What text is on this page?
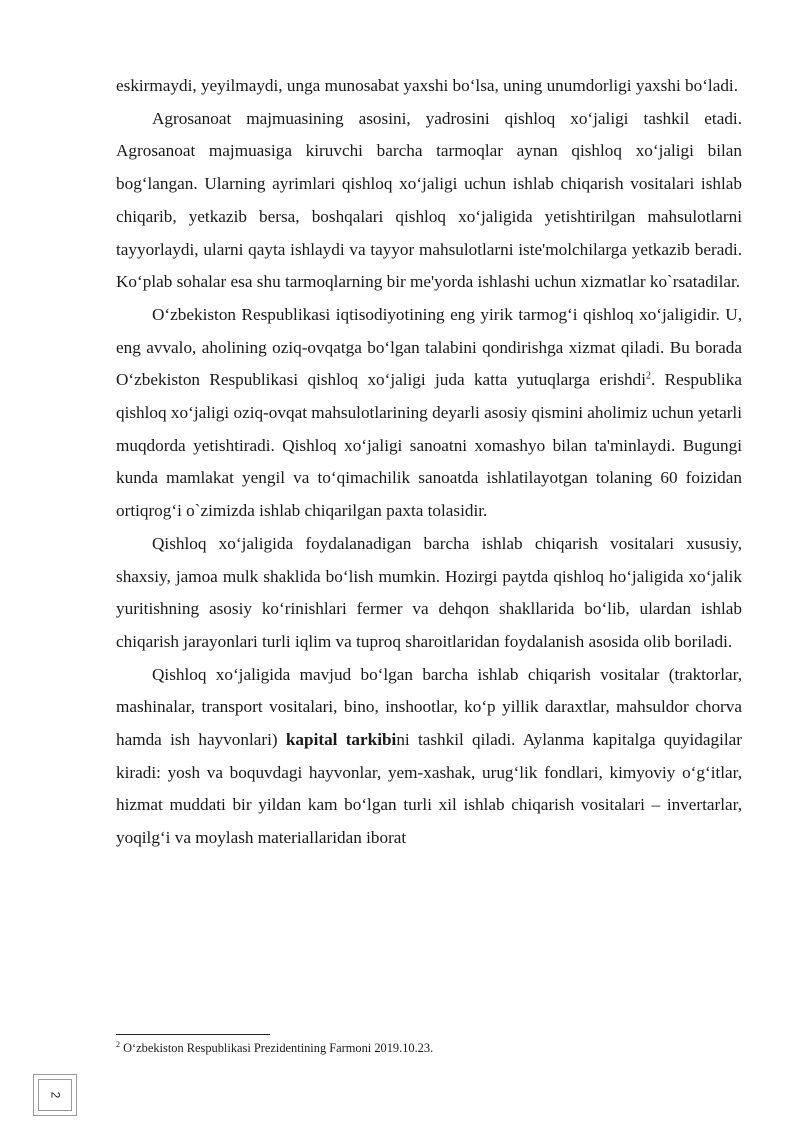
eskirmaydi, yeyilmaydi, unga munosabat yaxshi bo‘lsa, uning unumdorligi yaxshi bo‘ladi.

Agrosanoat majmuasining asosini, yadrosini qishloq xo‘jaligi tashkil etadi. Agrosanoat majmuasiga kiruvchi barcha tarmoqlar aynan qishloq xo‘jaligi bilan bog‘langan. Ularning ayrimlari qishloq xo‘jaligi uchun ishlab chiqarish vositalari ishlab chiqarib, yetkazib bersa, boshqalari qishloq xo‘jaligida yetishtirilgan mahsulotlarni tayyorlaydi, ularni qayta ishlaydi va tayyor mahsulotlarni iste'molchilarga yetkazib beradi. Ko‘plab sohalar esa shu tarmoqlarning bir me'yorda ishlashi uchun xizmatlar ko`rsatadilar.

O‘zbekiston Respublikasi iqtisodiyotining eng yirik tarmog‘i qishloq xo‘jaligidir. U, eng avvalo, aholining oziq-ovqatga bo‘lgan talabini qondirishga xizmat qiladi. Bu borada O‘zbekiston Respublikasi qishloq xo‘jaligi juda katta yutuqlarga erishdi$^2$. Respublika qishloq xo‘jaligi oziq-ovqat mahsulotlarining deyarli asosiy qismini aholimiz uchun yetarli muqdorda yetishtiradi. Qishloq xo‘jaligi sanoatni xomashyo bilan ta'minlaydi. Bugungi kunda mamlakat yengil va to‘qimachilik sanoatda ishlatilayotgan tolaning 60 foizidan ortiqrog‘i o`zimizda ishlab chiqarilgan paxta tolasidir.

Qishloq xo‘jaligida foydalanadigan barcha ishlab chiqarish vositalari xususiy, shaxsiy, jamoa mulk shaklida bo‘lish mumkin. Hozirgi paytda qishloq ho‘jaligida xo‘jalik yuritishning asosiy ko‘rinishlari fermer va dehqon shakllarida bo‘lib, ulardan ishlab chiqarish jarayonlari turli iqlim va tuproq sharoitlaridan foydalanish asosida olib boriladi.

Qishloq xo‘jaligida mavjud bo‘lgan barcha ishlab chiqarish vositalar (traktorlar, mashinalar, transport vositalari, bino, inshootlar, ko‘p yillik daraxtlar, mahsuldor chorva hamda ish hayvonlari) kapital tarkibini tashkil qiladi. Aylanma kapitalga quyidagilar kiradi: yosh va boquvdagi hayvonlar, yem-xashak, urug‘lik fondlari, kimyoviy o‘g‘itlar, hizmat muddati bir yildan kam bo‘lgan turli xil ishlab chiqarish vositalari – invertarlar, yoqilg‘i va moylash materiallaridan iborat

$^2$ O‘zbekiston Respublikasi Prezidentining Farmoni 2019.10.23.
2
